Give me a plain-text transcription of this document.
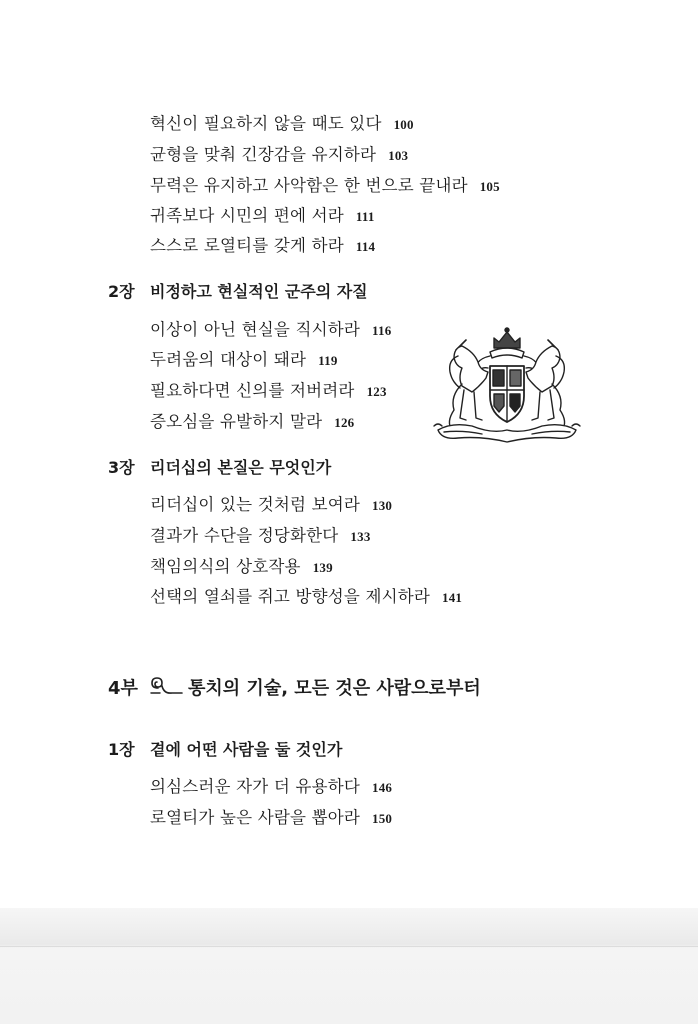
혁신이 필요하지 않을 때도 있다 100
균형을 맞춰 긴장감을 유지하라 103
무력은 유지하고 사악함은 한 번으로 끝내라 105
귀족보다 시민의 편에 서라 111
스스로 로열티를 갖게 하라 114
2장 비정하고 현실적인 군주의 자질
이상이 아닌 현실을 직시하라 116
두려움의 대상이 돼라 119
필요하다면 신의를 저버려라 123
증오심을 유발하지 말라 126
3장 리더십의 본질은 무엇인가
리더십이 있는 것처럼 보여라 130
결과가 수단을 정당화한다 133
책임의식의 상호작용 139
선택의 열쇠를 쥐고 방향성을 제시하라 141
4부	통치의 기술, 모든 것은 사람으로부터
1장 곁에 어떤 사람을 둘 것인가
의심스러운 자가 더 유용하다 146
로열티가 높은 사람을 뽑아라 150
